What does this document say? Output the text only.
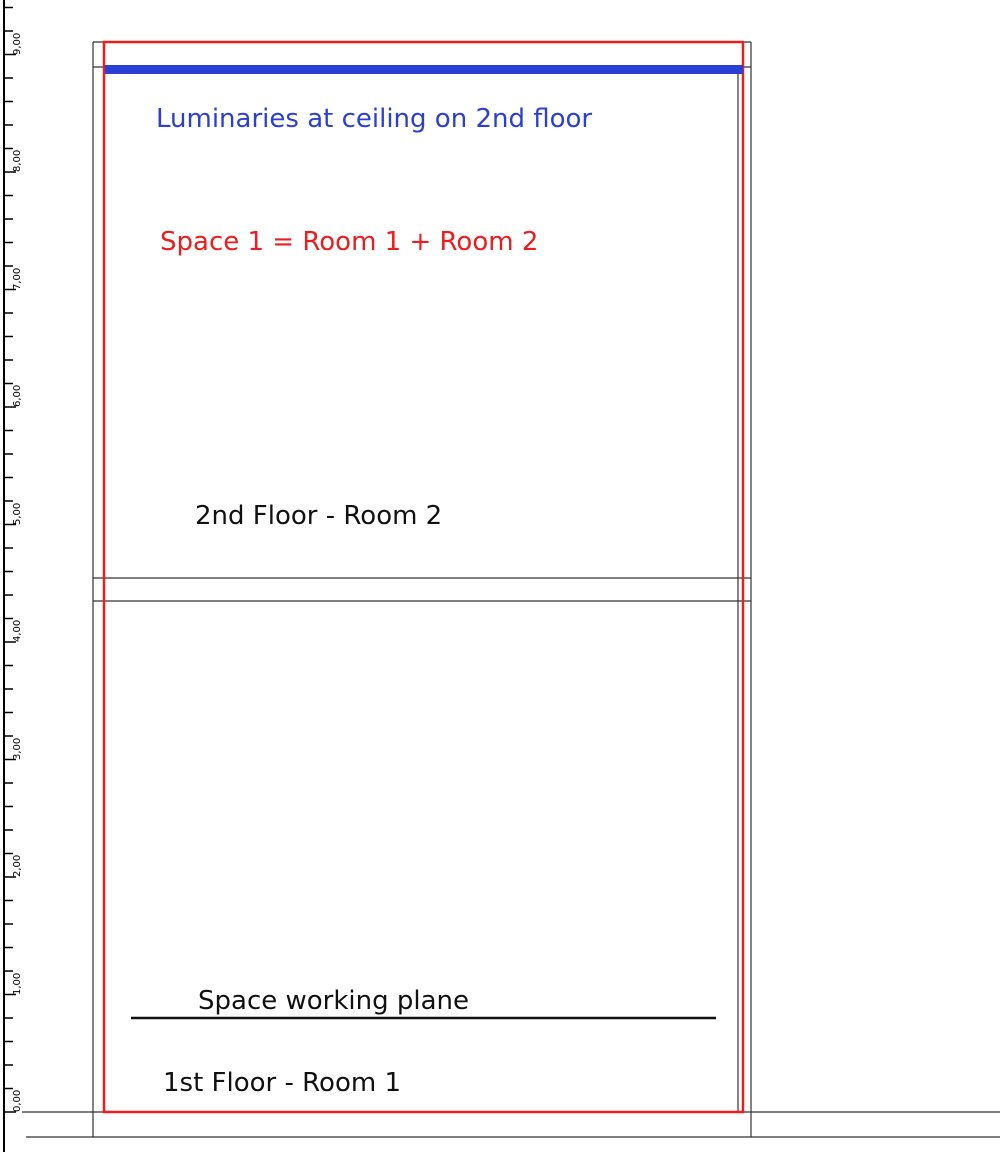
0,00
1,00
2,00
3,00
4,00
5,00
6,00
7,00
8,00
9,00
Luminaries at ceiling on 2nd floor
Space 1 = Room 1 + Room 2
2nd Floor - Room 2
Space working plane
1st Floor - Room 1
